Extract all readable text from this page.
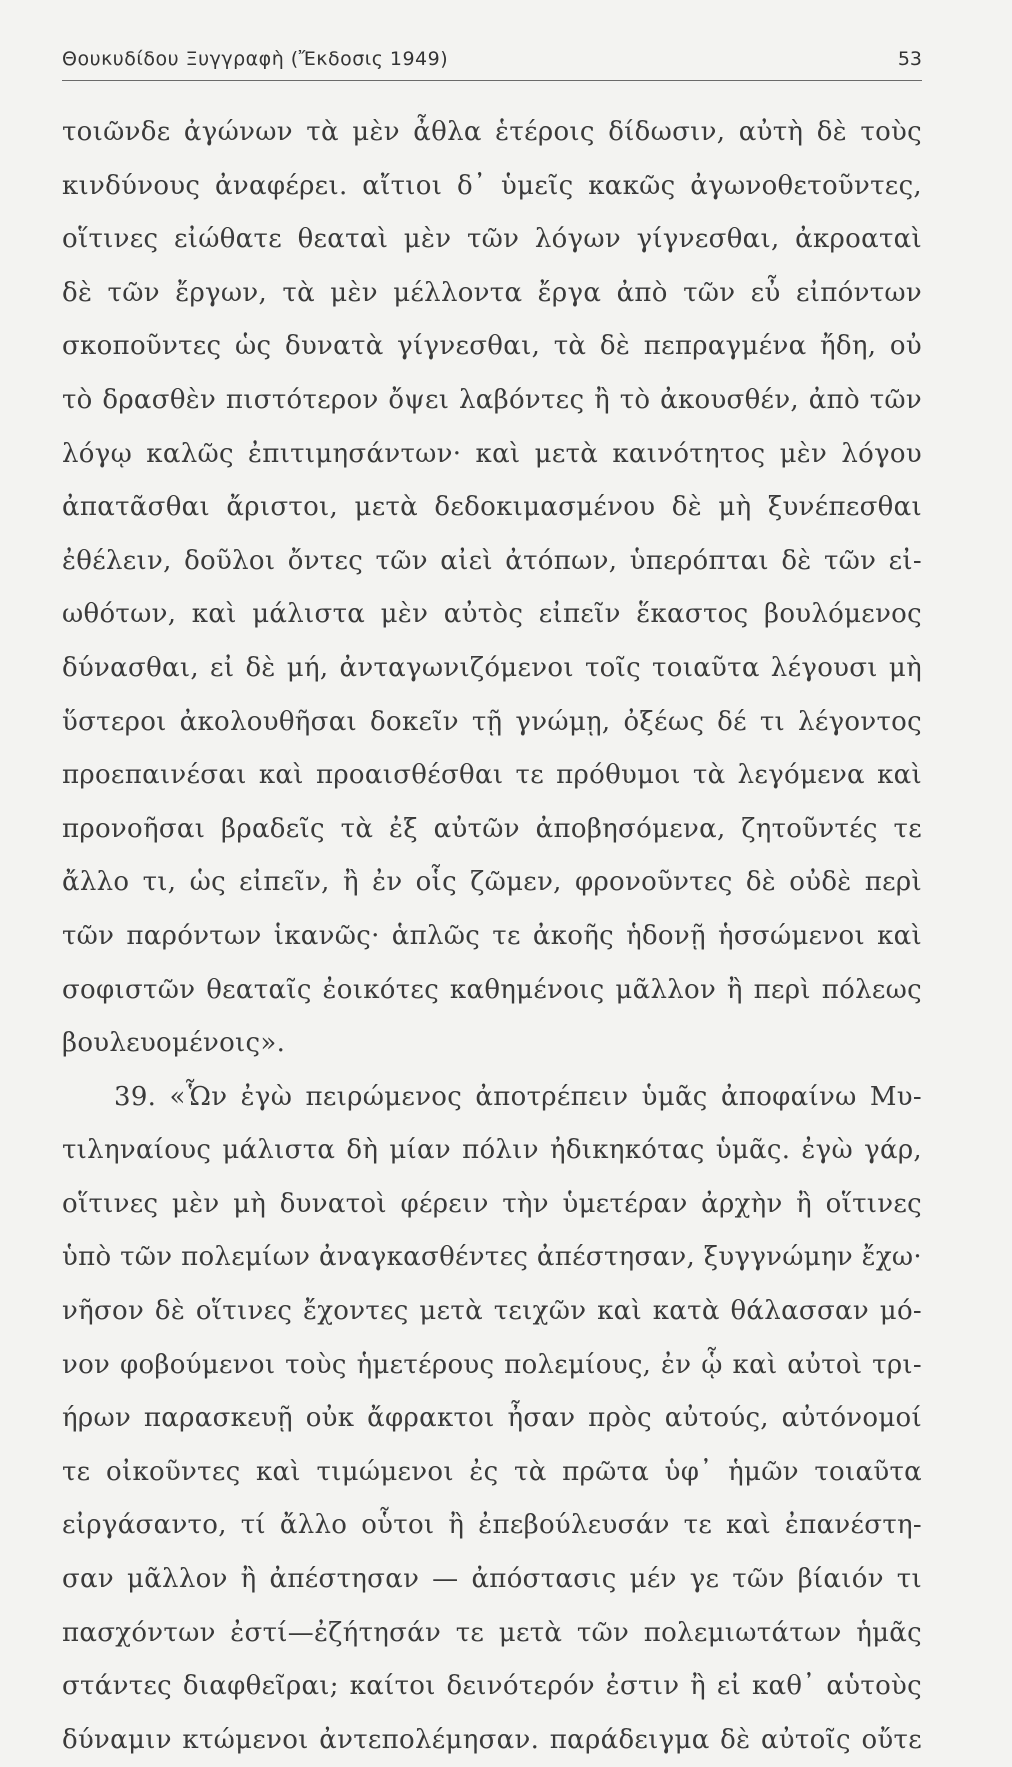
Θουκυδίδου Ξυγγραφὴ (Ἔκδοσις 1949)	53
τοιῶνδε ἀγώνων τὰ μὲν ἆθλα ἑτέροις δίδωσιν, αὐτὴ δὲ τοὺς
κινδύνους ἀναφέρει. αἴτιοι δ᾿ ὑμεῖς κακῶς ἀγωνοθετοῦντες,
οἵτινες εἰώθατε θεαταὶ μὲν τῶν λόγων γίγνεσθαι, ἀκροαταὶ
δὲ τῶν ἔργων, τὰ μὲν μέλλοντα ἔργα ἀπὸ τῶν εὖ εἰπόντων
σκοποῦντες ὡς δυνατὰ γίγνεσθαι, τὰ δὲ πεπραγμένα ἤδη, οὐ
τὸ δρασθὲν πιστότερον ὄψει λαβόντες ἢ τὸ ἀκουσθέν, ἀπὸ τῶν
λόγῳ καλῶς ἐπιτιμησάντων· καὶ μετὰ καινότητος μὲν λόγου
ἀπατᾶσθαι ἄριστοι, μετὰ δεδοκιμασμένου δὲ μὴ ξυνέπεσθαι
ἐθέλειν, δοῦλοι ὄντες τῶν αἰεὶ ἀτόπων, ὑπερόπται δὲ τῶν εἰ-
ωθότων, καὶ μάλιστα μὲν αὐτὸς εἰπεῖν ἕκαστος βουλόμενος
δύνασθαι, εἰ δὲ μή, ἀνταγωνιζόμενοι τοῖς τοιαῦτα λέγουσι μὴ
ὕστεροι ἀκολουθῆσαι δοκεῖν τῇ γνώμῃ, ὀξέως δέ τι λέγοντος
προεπαινέσαι καὶ προαισθέσθαι τε πρόθυμοι τὰ λεγόμενα καὶ
προνοῆσαι βραδεῖς τὰ ἐξ αὐτῶν ἀποβησόμενα, ζητοῦντές τε
ἄλλο τι, ὡς εἰπεῖν, ἢ ἐν οἷς ζῶμεν, φρονοῦντες δὲ οὐδὲ περὶ
τῶν παρόντων ἱκανῶς· ἁπλῶς τε ἀκοῆς ἡδονῇ ἡσσώμενοι καὶ
σοφιστῶν θεαταῖς ἐοικότες καθημένοις μᾶλλον ἢ περὶ πόλεως
βουλευομένοις».
39. «Ὧν ἐγὼ πειρώμενος ἀποτρέπειν ὑμᾶς ἀποφαίνω Μυ-
τιληναίους μάλιστα δὴ μίαν πόλιν ἠδικηκότας ὑμᾶς. ἐγὼ γάρ,
οἵτινες μὲν μὴ δυνατοὶ φέρειν τὴν ὑμετέραν ἀρχὴν ἢ οἵτινες
ὑπὸ τῶν πολεμίων ἀναγκασθέντες ἀπέστησαν, ξυγγνώμην ἔχω·
νῆσον δὲ οἵτινες ἔχοντες μετὰ τειχῶν καὶ κατὰ θάλασσαν μό-
νον φοβούμενοι τοὺς ἡμετέρους πολεμίους, ἐν ᾧ καὶ αὐτοὶ τρι-
ήρων παρασκευῇ οὐκ ἄφρακτοι ἦσαν πρὸς αὐτούς, αὐτόνομοί
τε οἰκοῦντες καὶ τιμώμενοι ἐς τὰ πρῶτα ὑφ᾿ ἡμῶν τοιαῦτα
εἰργάσαντο, τί ἄλλο οὗτοι ἢ ἐπεβούλευσάν τε καὶ ἐπανέστη-
σαν μᾶλλον ἢ ἀπέστησαν — ἀπόστασις μέν γε τῶν βίαιόν τι
πασχόντων ἐστί—ἐζήτησάν τε μετὰ τῶν πολεμιωτάτων ἡμᾶς
στάντες διαφθεῖραι; καίτοι δεινότερόν ἐστιν ἢ εἰ καθ᾿ αὑτοὺς
δύναμιν κτώμενοι ἀντεπολέμησαν. παράδειγμα δὲ αὐτοῖς οὔτε
